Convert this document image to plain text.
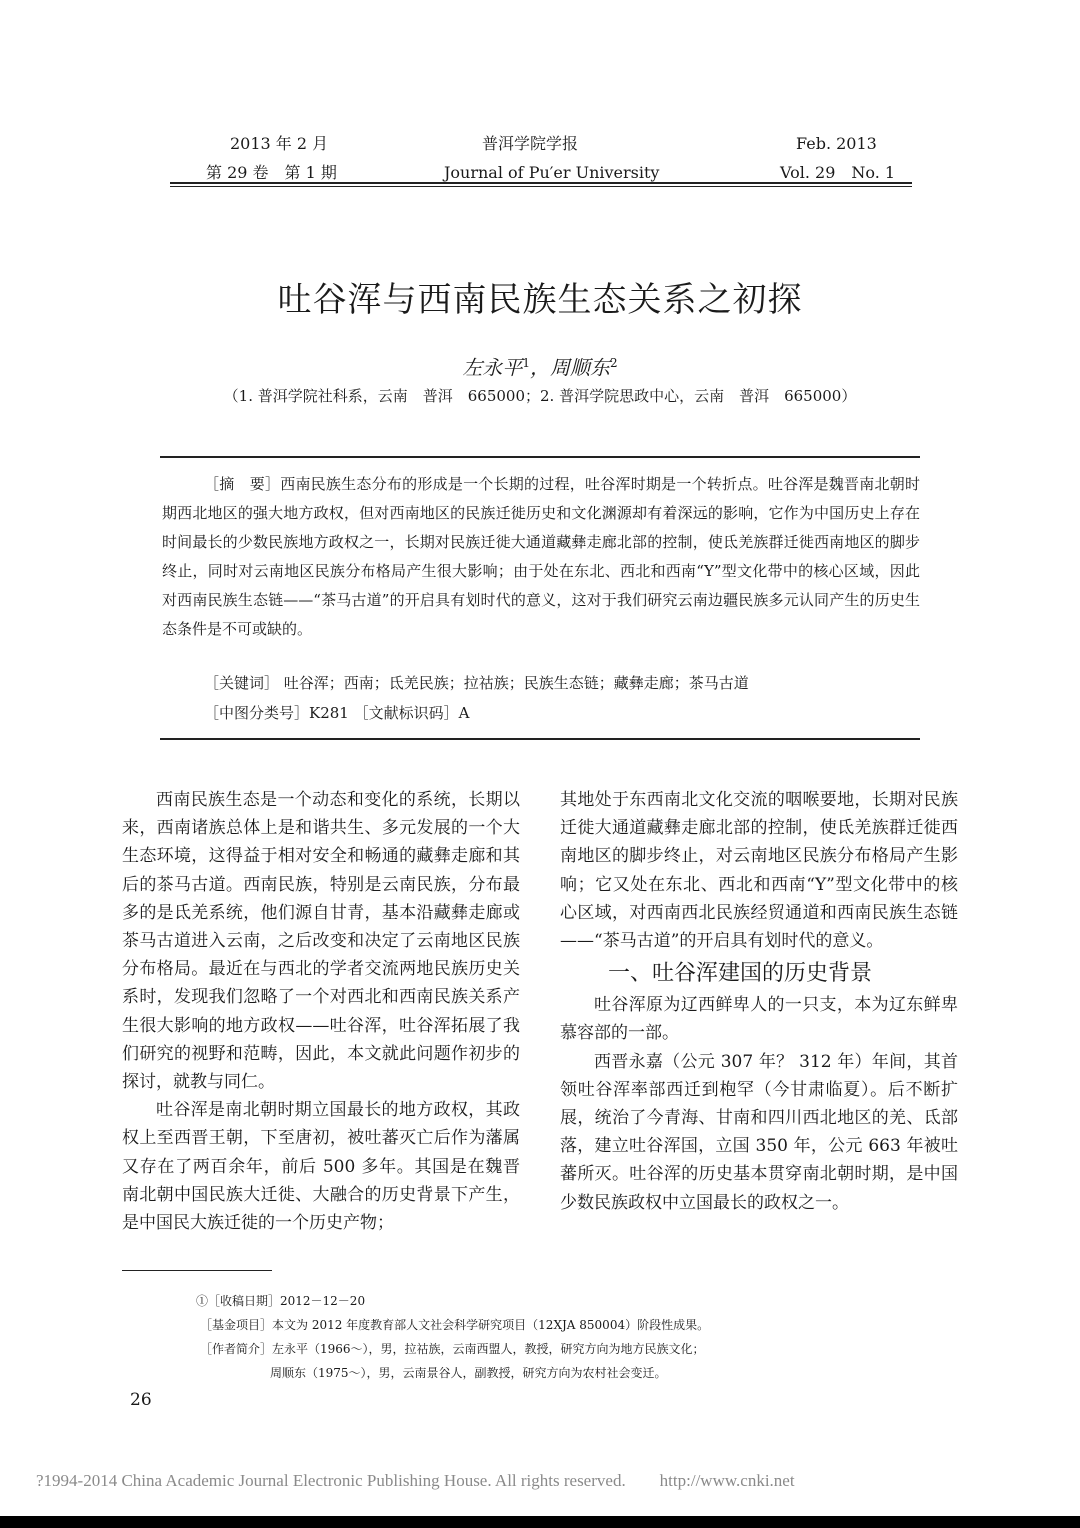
2013 年 2 月
第 29 卷　第 1 期
普洱学院学报
Journal of Pu′er University
Feb. 2013
Vol. 29　No. 1
吐谷浑与西南民族生态关系之初探
左永平$^1$，周顺东$^2$
（1. 普洱学院社科系，云南　普洱　665000；2. 普洱学院思政中心，云南　普洱　665000）
［摘　要］西南民族生态分布的形成是一个长期的过程，吐谷浑时期是一个转折点。吐谷浑是魏晋南北朝时期西北地区的强大地方政权，但对西南地区的民族迁徙历史和文化渊源却有着深远的影响，它作为中国历史上存在时间最长的少数民族地方政权之一，长期对民族迁徙大通道藏彝走廊北部的控制，使氐羌族群迁徙西南地区的脚步终止，同时对云南地区民族分布格局产生很大影响；由于处在东北、西北和西南“Y”型文化带中的核心区域，因此对西南民族生态链——“茶马古道”的开启具有划时代的意义，这对于我们研究云南边疆民族多元认同产生的历史生态条件是不可或缺的。
［关键词］ 吐谷浑；西南；氐羌民族；拉祜族；民族生态链；藏彝走廊；茶马古道
［中图分类号］K281 ［文献标识码］A

西南民族生态是一个动态和变化的系统，长期以来，西南诸族总体上是和谐共生、多元发展的一个大生态环境，这得益于相对安全和畅通的藏彝走廊和其后的茶马古道。西南民族，特别是云南民族，分布最多的是氐羌系统，他们源自甘青，基本沿藏彝走廊或茶马古道进入云南，之后改变和决定了云南地区民族分布格局。最近在与西北的学者交流两地民族历史关系时，发现我们忽略了一个对西北和西南民族关系产生很大影响的地方政权——吐谷浑，吐谷浑拓展了我们研究的视野和范畴，因此，本文就此问题作初步的探讨，就教与同仁。

吐谷浑是南北朝时期立国最长的地方政权，其政权上至西晋王朝，下至唐初，被吐蕃灭亡后作为藩属又存在了两百余年，前后 500 多年。其国是在魏晋南北朝中国民族大迁徙、大融合的历史背景下产生，是中国民大族迁徙的一个历史产物；

其地处于东西南北文化交流的咽喉要地，长期对民族迁徙大通道藏彝走廊北部的控制，使氐羌族群迁徙西南地区的脚步终止，对云南地区民族分布格局产生影响；它又处在东北、西北和西南“Y”型文化带中的核心区域，对西南西北民族经贸通道和西南民族生态链——“茶马古道”的开启具有划时代的意义。

一、吐谷浑建国的历史背景

吐谷浑原为辽西鲜卑人的一只支，本为辽东鲜卑慕容部的一部。

西晋永嘉（公元 307 年？ 312 年）年间，其首领吐谷浑率部西迁到枹罕（今甘肃临夏）。后不断扩展，统治了今青海、甘南和四川西北地区的羌、氐部落，建立吐谷浑国，立国 350 年，公元 663 年被吐蕃所灭。吐谷浑的历史基本贯穿南北朝时期，是中国少数民族政权中立国最长的政权之一。

①［收稿日期］2012－12－20
［基金项目］本文为 2012 年度教育部人文社会科学研究项目（12XJA 850004）阶段性成果。
［作者简介］左永平（1966～），男，拉祜族，云南西盟人，教授，研究方向为地方民族文化；
周顺东（1975～），男，云南景谷人，副教授，研究方向为农村社会变迁。
26
?1994-2014 China Academic Journal Electronic Publishing House. All rights reserved.　　http://www.cnki.net
